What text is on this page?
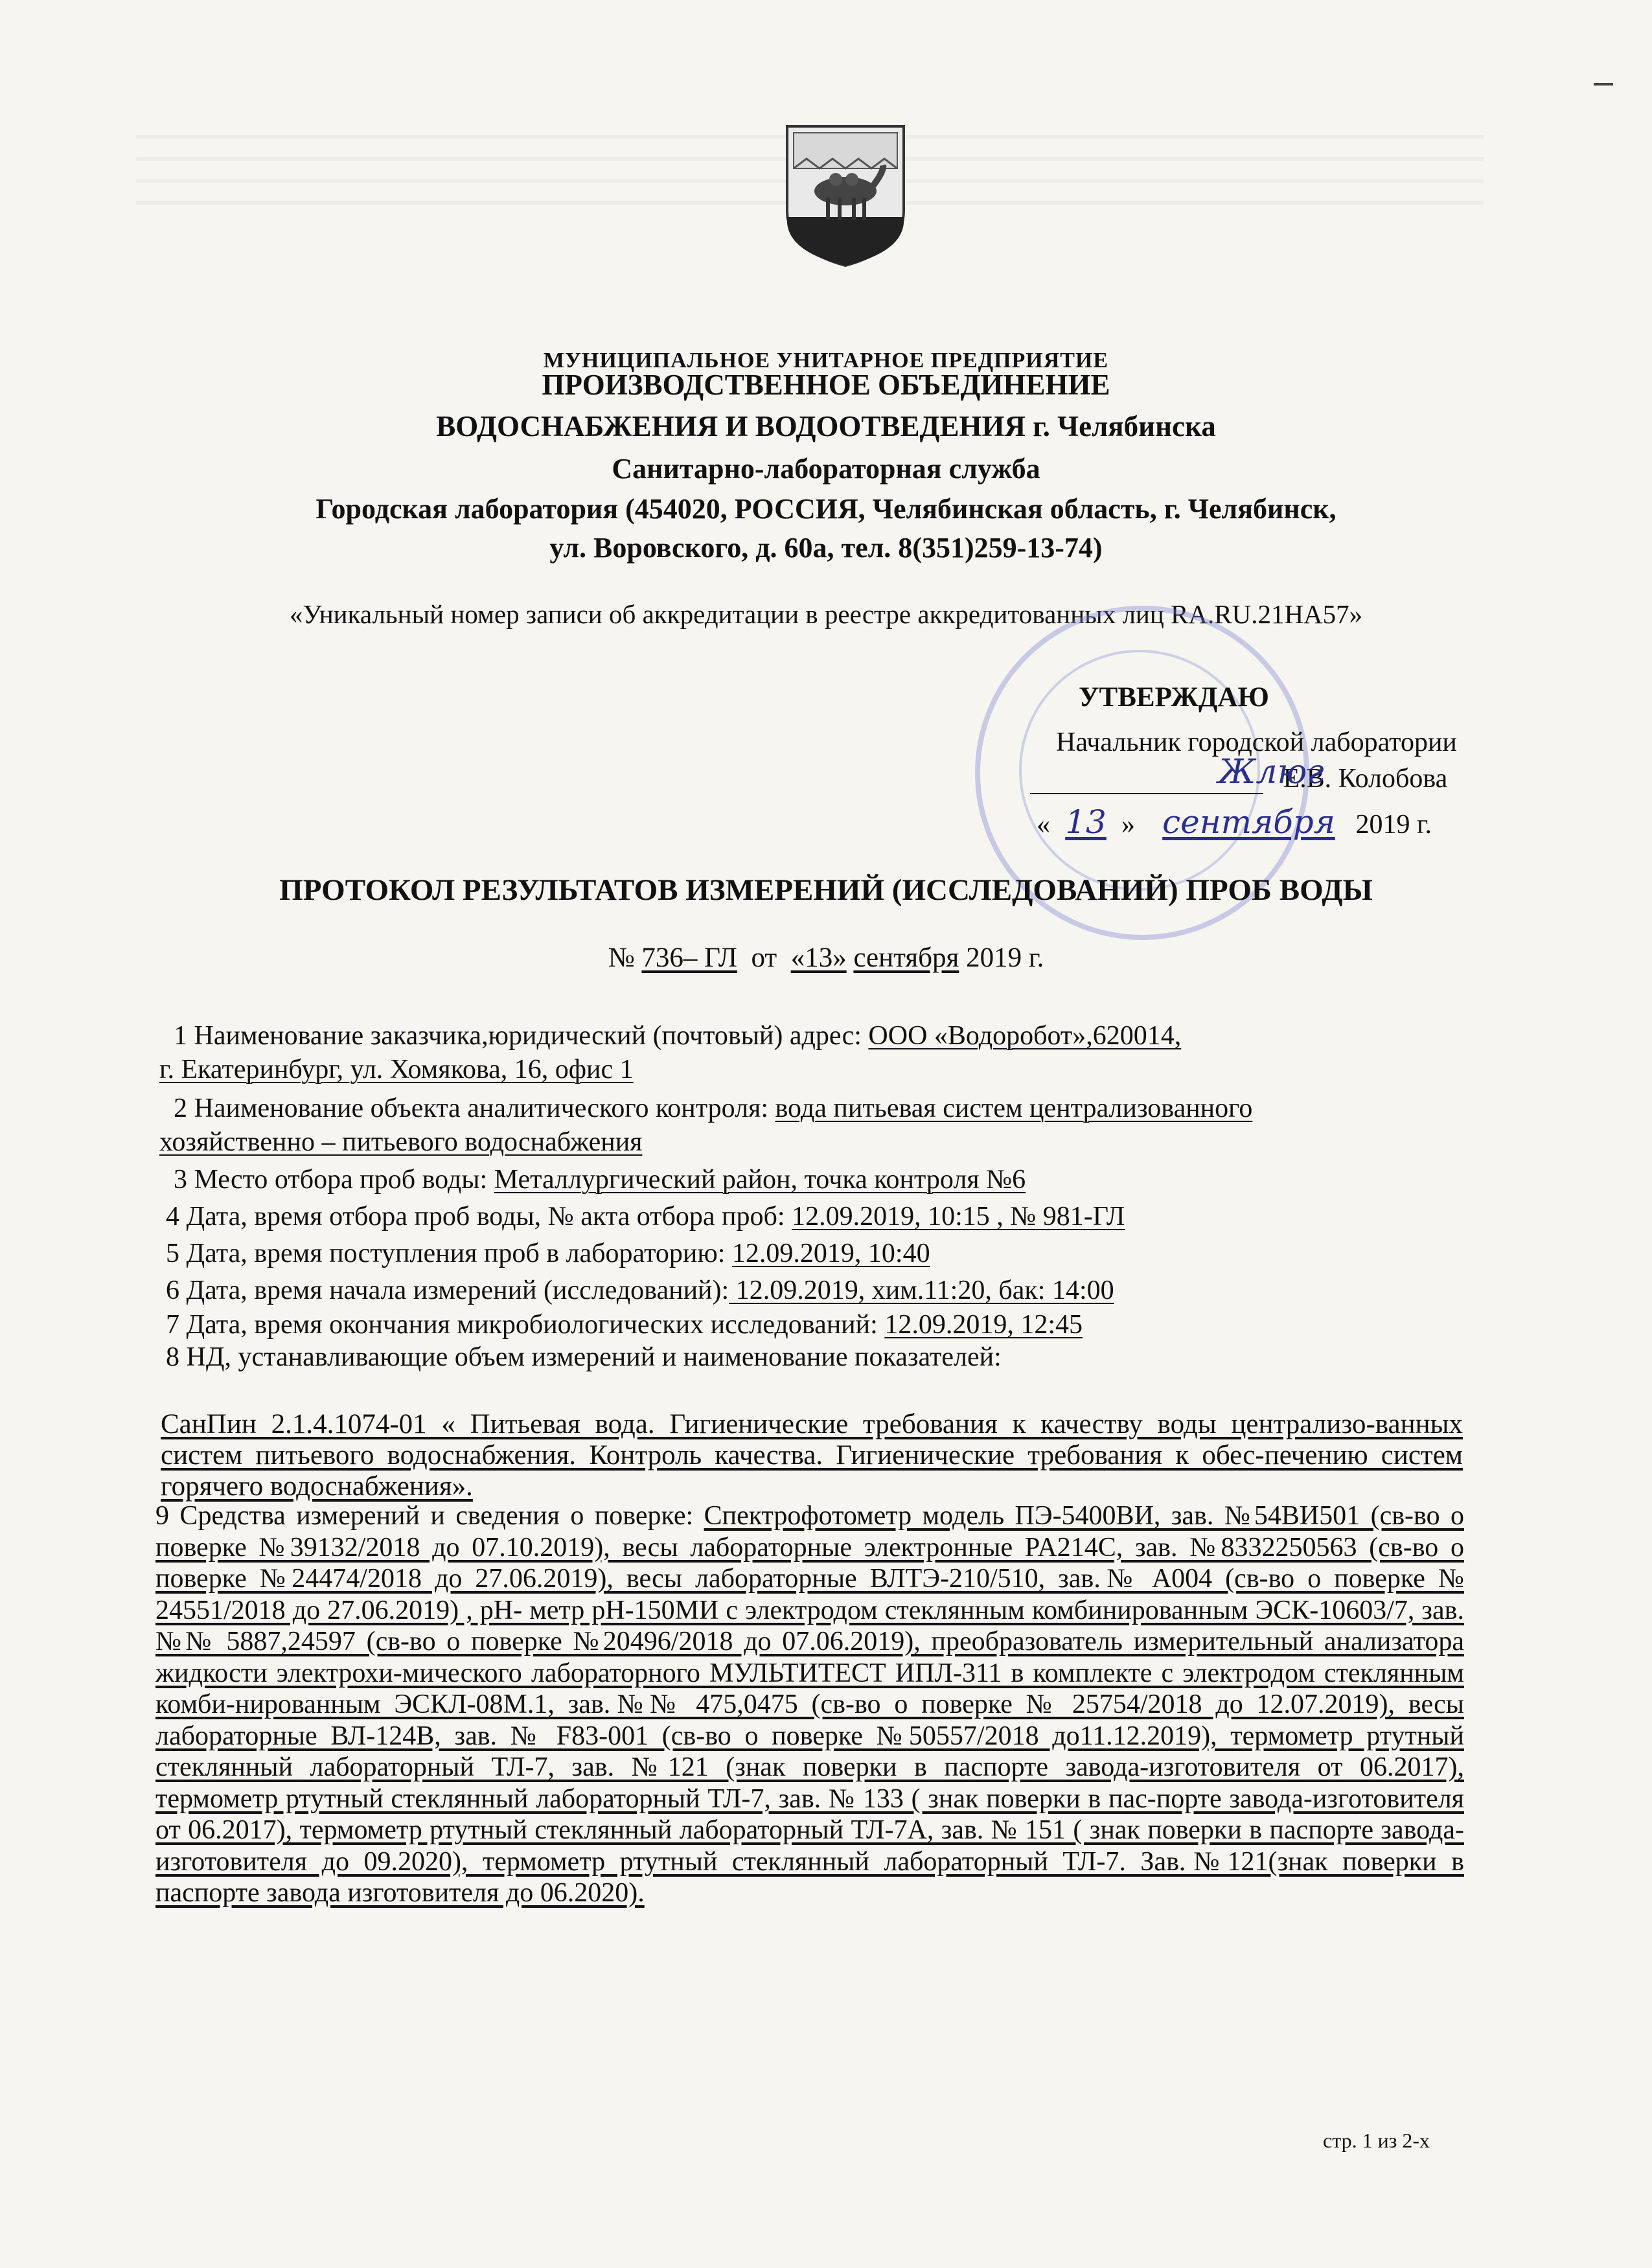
МУНИЦИПАЛЬНОЕ УНИТАРНОЕ ПРЕДПРИЯТИЕ
ПРОИЗВОДСТВЕННОЕ ОБЪЕДИНЕНИЕ
ВОДОСНАБЖЕНИЯ И ВОДООТВЕДЕНИЯ г. Челябинска
Санитарно-лабораторная служба
Городская лаборатория (454020, РОССИЯ, Челябинская область, г. Челябинск,
ул. Воровского, д. 60а, тел. 8(351)259-13-74)
«Уникальный номер записи об аккредитации в реестре аккредитованных лиц RA.RU.21НА57»
УТВЕРЖДАЮ
Начальник городской лаборатории

Жлюг
Е.В. Колобова
« 13 » сентября 2019 г.
ПРОТОКОЛ РЕЗУЛЬТАТОВ ИЗМЕРЕНИЙ (ИССЛЕДОВАНИЙ) ПРОБ ВОДЫ
№ 736– ГЛ от «13» сентября 2019 г.
1 Наименование заказчика,юридический (почтовый) адрес: ООО «Водоробот»,620014,
г. Екатеринбург, ул. Хомякова, 16, офис 1
2 Наименование объекта аналитического контроля: вода питьевая систем централизованного
хозяйственно – питьевого водоснабжения
3 Место отбора проб воды: Металлургический район, точка контроля №6
4 Дата, время отбора проб воды, № акта отбора проб: 12.09.2019, 10:15 , № 981-ГЛ
5 Дата, время поступления проб в лабораторию: 12.09.2019, 10:40
6 Дата, время начала измерений (исследований): 12.09.2019, хим.11:20, бак: 14:00
7 Дата, время окончания микробиологических исследований: 12.09.2019, 12:45
8 НД, устанавливающие объем измерений и наименование показателей:
СанПин 2.1.4.1074-01 « Питьевая вода. Гигиенические требования к качеству воды централизо-ванных систем питьевого водоснабжения. Контроль качества. Гигиенические требования к обес-печению систем горячего водоснабжения».
9 Средства измерений и сведения о поверке: Спектрофотометр модель ПЭ-5400ВИ, зав. №54ВИ501 (св-во о поверке №39132/2018 до 07.10.2019), весы лабораторные электронные PA214C, зав. №8332250563 (св-во о поверке №24474/2018 до 27.06.2019), весы лабораторные ВЛТЭ-210/510, зав.№ А004 (св-во о поверке № 24551/2018 до 27.06.2019) , pH- метр pH-150МИ с электродом стеклянным комбинированным ЭСК-10603/7, зав. №№ 5887,24597 (св-во о поверке №20496/2018 до 07.06.2019), преобразователь измерительный анализатора жидкости электрохи-мического лабораторного МУЛЬТИТЕСТ ИПЛ-311 в комплекте с электродом стеклянным комби-нированным ЭСКЛ-08М.1, зав.№№ 475,0475 (св-во о поверке № 25754/2018 до 12.07.2019), весы лабораторные ВЛ-124В, зав. № F83-001 (св-во о поверке №50557/2018 до11.12.2019), термометр ртутный стеклянный лабораторный ТЛ-7, зав. №121 (знак поверки в паспорте завода-изготовителя от 06.2017), термометр ртутный стеклянный лабораторный ТЛ-7, зав. № 133 ( знак поверки в пас-порте завода-изготовителя от 06.2017), термометр ртутный стеклянный лабораторный ТЛ-7А, зав. № 151 ( знак поверки в паспорте завода-изготовителя до 09.2020), термометр ртутный стеклянный лабораторный ТЛ-7. Зав.№121(знак поверки в паспорте завода изготовителя до 06.2020).
стр. 1 из 2-х
